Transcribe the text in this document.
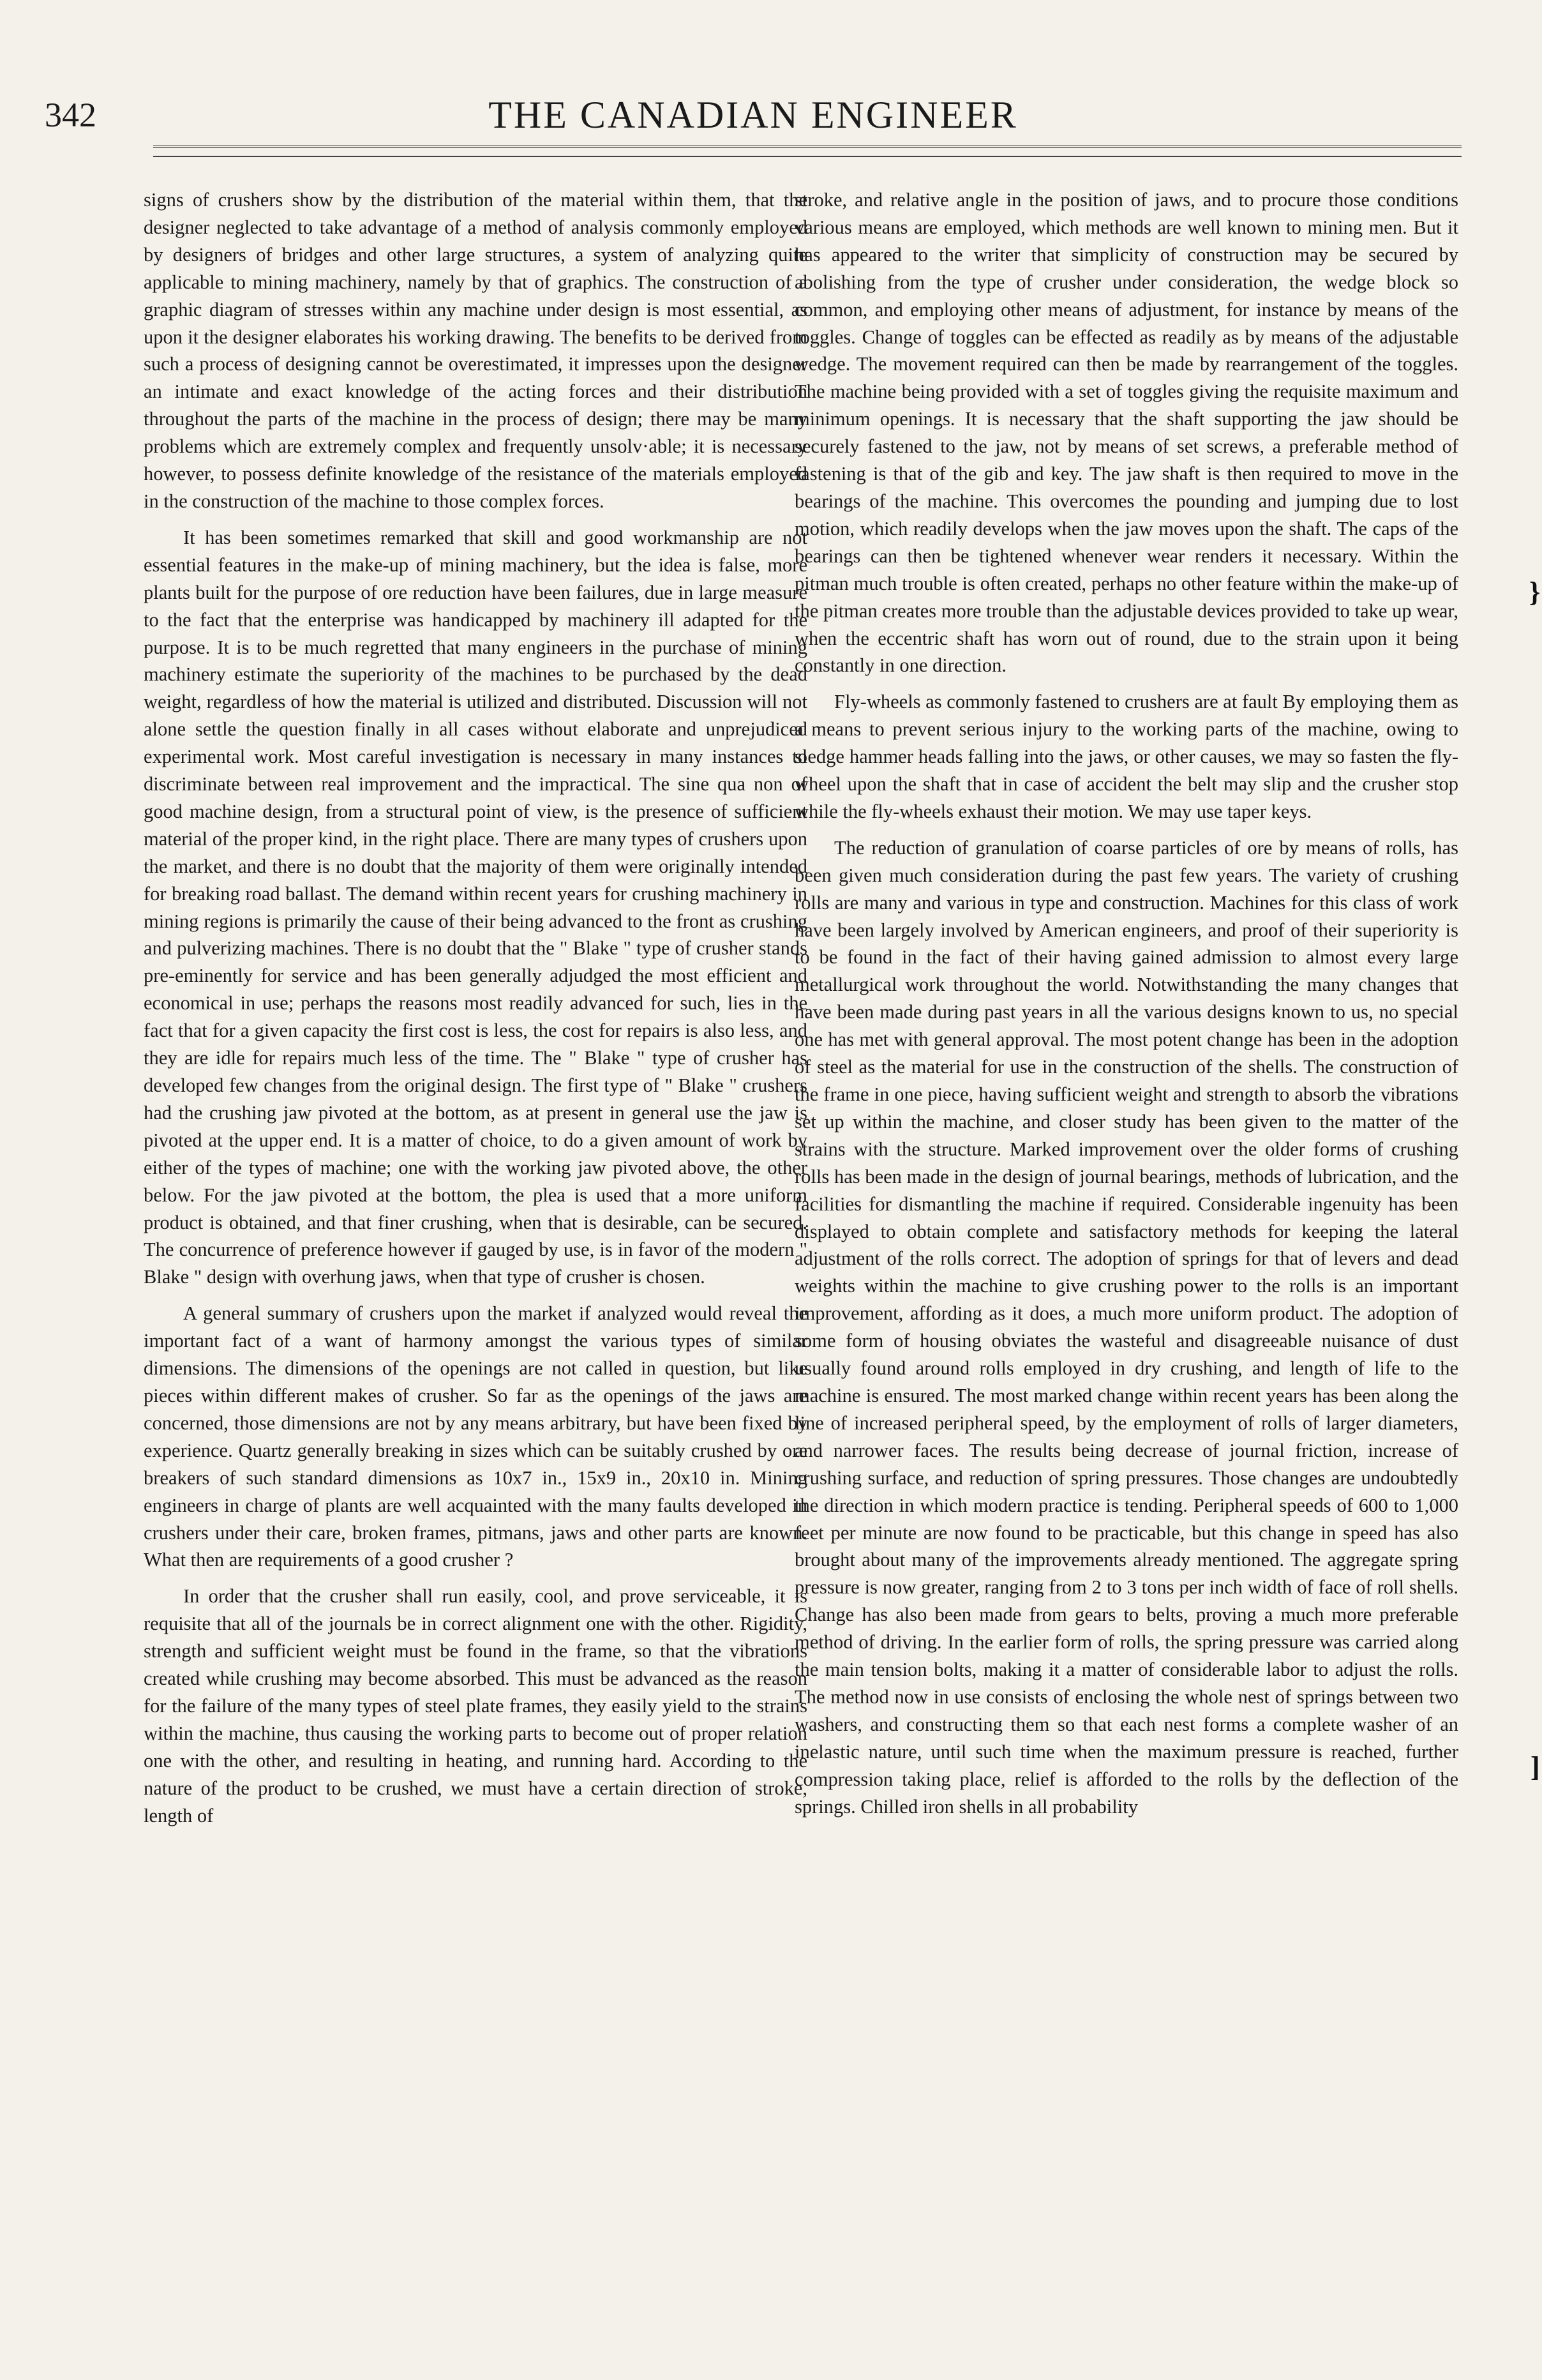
342	THE CANADIAN ENGINEER

signs of crushers show by the distribution of the material within them, that the designer neglected to take advantage of a method of analysis commonly employed by designers of bridges and other large structures, a system of analyzing quite applicable to mining machinery, namely by that of graphics. The construction of a graphic diagram of stresses within any machine under design is most essential, as upon it the designer elaborates his working drawing. The benefits to be derived from such a process of designing cannot be overestimated, it impresses upon the designer an intimate and exact knowledge of the acting forces and their distribution throughout the parts of the machine in the process of design; there may be many problems which are extremely complex and frequently unsolv·able; it is necessary however, to possess definite knowledge of the resistance of the materials employed in the construction of the machine to those complex forces.

It has been sometimes remarked that skill and good workmanship are not essential features in the make-up of mining machinery, but the idea is false, more plants built for the purpose of ore reduction have been failures, due in large measure to the fact that the enterprise was handicapped by machinery ill adapted for the purpose. It is to be much regretted that many engineers in the purchase of mining machinery estimate the superiority of the machines to be purchased by the dead weight, regardless of how the material is utilized and distributed. Discussion will not alone settle the question finally in all cases without elaborate and unprejudiced experimental work. Most careful investigation is necessary in many instances to discriminate between real improvement and the impractical. The sine qua non of good machine design, from a structural point of view, is the presence of sufficient material of the proper kind, in the right place. There are many types of crushers upon the market, and there is no doubt that the majority of them were originally intended for breaking road ballast. The demand within recent years for crushing machinery in mining regions is primarily the cause of their being advanced to the front as crushing and pulverizing machines. There is no doubt that the " Blake " type of crusher stands pre-eminently for service and has been generally adjudged the most efficient and economical in use; perhaps the reasons most readily advanced for such, lies in the fact that for a given capacity the first cost is less, the cost for repairs is also less, and they are idle for repairs much less of the time. The " Blake " type of crusher has developed few changes from the original design. The first type of " Blake " crushers had the crushing jaw pivoted at the bottom, as at present in general use the jaw is pivoted at the upper end. It is a matter of choice, to do a given amount of work by either of the types of machine; one with the working jaw pivoted above, the other below. For the jaw pivoted at the bottom, the plea is used that a more uniform product is obtained, and that finer crushing, when that is desirable, can be secured. The concurrence of preference however if gauged by use, is in favor of the modern " Blake " design with overhung jaws, when that type of crusher is chosen.

A general summary of crushers upon the market if analyzed would reveal the important fact of a want of harmony amongst the various types of similar dimensions. The dimensions of the openings are not called in question, but like pieces within different makes of crusher. So far as the openings of the jaws are concerned, those dimensions are not by any means arbitrary, but have been fixed by experience. Quartz generally breaking in sizes which can be suitably crushed by ore breakers of such standard dimensions as 10x7 in., 15x9 in., 20x10 in. Mining engineers in charge of plants are well acquainted with the many faults developed in crushers under their care, broken frames, pitmans, jaws and other parts are known. What then are requirements of a good crusher ?

In order that the crusher shall run easily, cool, and prove serviceable, it is requisite that all of the journals be in correct alignment one with the other. Rigidity, strength and sufficient weight must be found in the frame, so that the vibrations created while crushing may become absorbed. This must be advanced as the reason for the failure of the many types of steel plate frames, they easily yield to the strains within the machine, thus causing the working parts to become out of proper relation one with the other, and resulting in heating, and running hard. According to the nature of the product to be crushed, we must have a certain direction of stroke, length of

stroke, and relative angle in the position of jaws, and to procure those conditions various means are employed, which methods are well known to mining men. But it has appeared to the writer that simplicity of construction may be secured by abolishing from the type of crusher under consideration, the wedge block so common, and employing other means of adjustment, for instance by means of the toggles. Change of toggles can be effected as readily as by means of the adjustable wedge. The movement required can then be made by rearrangement of the toggles. The machine being provided with a set of toggles giving the requisite maximum and minimum openings. It is necessary that the shaft supporting the jaw should be securely fastened to the jaw, not by means of set screws, a preferable method of fastening is that of the gib and key. The jaw shaft is then required to move in the bearings of the machine. This overcomes the pounding and jumping due to lost motion, which readily develops when the jaw moves upon the shaft. The caps of the bearings can then be tightened whenever wear renders it necessary. Within the pitman much trouble is often created, perhaps no other feature within the make-up of the pitman creates more trouble than the adjustable devices provided to take up wear, when the eccentric shaft has worn out of round, due to the strain upon it being constantly in one direction.

Fly-wheels as commonly fastened to crushers are at fault By employing them as a means to prevent serious injury to the working parts of the machine, owing to sledge hammer heads falling into the jaws, or other causes, we may so fasten the fly-wheel upon the shaft that in case of accident the belt may slip and the crusher stop while the fly-wheels exhaust their motion. We may use taper keys.

The reduction of granulation of coarse particles of ore by means of rolls, has been given much consideration during the past few years. The variety of crushing rolls are many and various in type and construction. Machines for this class of work have been largely involved by American engineers, and proof of their superiority is to be found in the fact of their having gained admission to almost every large metallurgical work throughout the world. Notwithstanding the many changes that have been made during past years in all the various designs known to us, no special one has met with general approval. The most potent change has been in the adoption of steel as the material for use in the construction of the shells. The construction of the frame in one piece, having sufficient weight and strength to absorb the vibrations set up within the machine, and closer study has been given to the matter of the strains with the structure. Marked improvement over the older forms of crushing rolls has been made in the design of journal bearings, methods of lubrication, and the facilities for dismantling the machine if required. Considerable ingenuity has been displayed to obtain complete and satisfactory methods for keeping the lateral adjustment of the rolls correct. The adoption of springs for that of levers and dead weights within the machine to give crushing power to the rolls is an important improvement, affording as it does, a much more uniform product. The adoption of some form of housing obviates the wasteful and disagreeable nuisance of dust usually found around rolls employed in dry crushing, and length of life to the machine is ensured. The most marked change within recent years has been along the line of increased peripheral speed, by the employment of rolls of larger diameters, and narrower faces. The results being decrease of journal friction, increase of crushing surface, and reduction of spring pressures. Those changes are undoubtedly the direction in which modern practice is tending. Peripheral speeds of 600 to 1,000 feet per minute are now found to be practicable, but this change in speed has also brought about many of the improvements already mentioned. The aggregate spring pressure is now greater, ranging from 2 to 3 tons per inch width of face of roll shells. Change has also been made from gears to belts, proving a much more preferable method of driving. In the earlier form of rolls, the spring pressure was carried along the main tension bolts, making it a matter of considerable labor to adjust the rolls. The method now in use consists of enclosing the whole nest of springs between two washers, and constructing them so that each nest forms a complete washer of an inelastic nature, until such time when the maximum pressure is reached, further compression taking place, relief is afforded to the rolls by the deflection of the springs. Chilled iron shells in all probability

}
]
